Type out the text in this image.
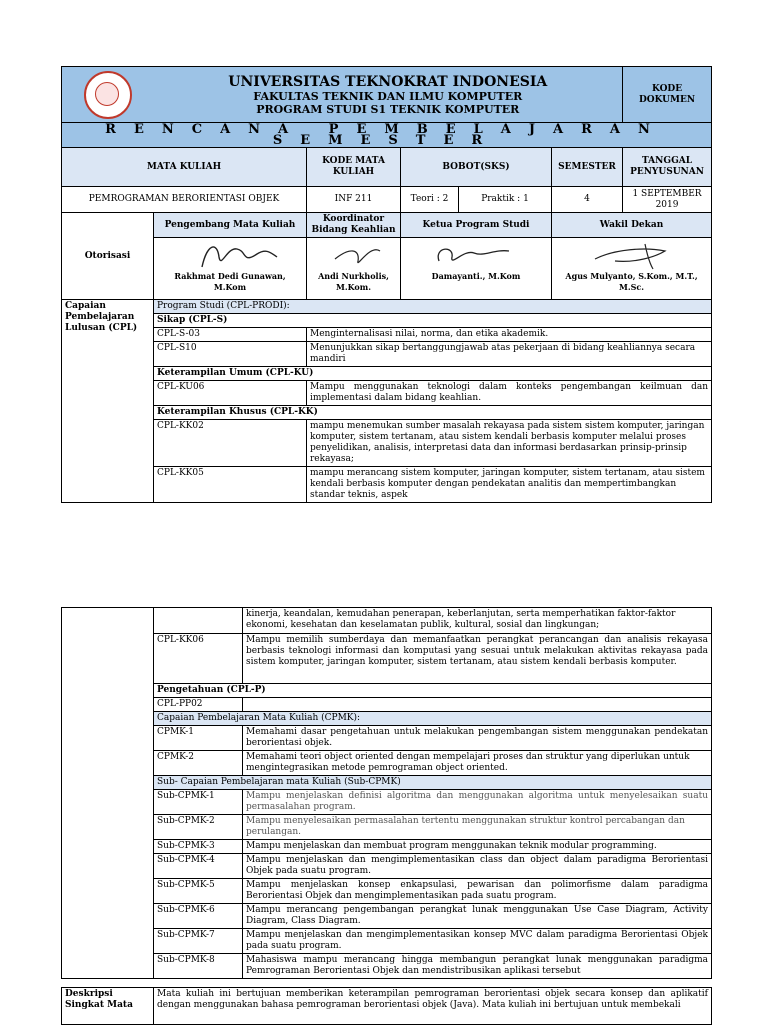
	UNIVERSITAS TEKNOKRAT INDONESIA
FAKULTAS TEKNIK DAN ILMU KOMPUTER
PROGRAM STUDI S1 TEKNIK KOMPUTER					KODE DOKUMEN
RENCANA PEMBELAJARAN SEMESTER						
MATA KULIAH		KODE MATA KULIAH	BOBOT(SKS)		SEMESTER	TANGGAL PENYUSUNAN
PEMROGRAMAN BERORIENTASI OBJEK		INF 211	Teori : 2	Praktik : 1	4	1 SEPTEMBER 2019
Otorisasi	Pengembang Mata Kuliah	Koordinator Bidang Keahlian	Ketua Program Studi		Wakil Dekan	

	Rakhmat Dedi Gunawan, M.Kom	Andi Nurkholis, M.Kom.	Damayanti., M.Kom		Agus Mulyanto, S.Kom., M.T., M.Sc.	

Capaian Pembelajaran Lulusan (CPL)	Program Studi (CPL-PRODI):					
	Sikap (CPL-S)					
	CPL-S-03	Menginternalisasi nilai, norma, dan etika akademik.				
	CPL-S10	Menunjukkan sikap bertanggungjawab atas pekerjaan di bidang keahliannya secara mandiri				
	Keterampilan Umum (CPL-KU)					
	CPL-KU06	Mampu menggunakan teknologi dalam konteks pengembangan keilmuan dan implementasi dalam bidang keahlian.				
	Keterampilan Khusus (CPL-KK)					
	CPL-KK02	mampu menemukan sumber masalah rekayasa pada sistem sistem komputer, jaringan komputer, sistem tertanam, atau sistem kendali berbasis komputer melalui proses penyelidikan, analisis, interpretasi data dan informasi berdasarkan prinsip-prinsip rekayasa;				
	CPL-KK05	mampu merancang sistem komputer, jaringan komputer, sistem tertanam, atau sistem kendali berbasis komputer dengan pendekatan analitis dan mempertimbangkan standar teknis, aspek				
		kinerja, keandalan, kemudahan penerapan, keberlanjutan, serta memperhatikan faktor-faktor ekonomi, kesehatan dan keselamatan publik, kultural, sosial dan lingkungan;
	CPL-KK06	Mampu memilih sumberdaya dan memanfaatkan perangkat perancangan dan analisis rekayasa berbasis teknologi informasi dan komputasi yang sesuai untuk melakukan aktivitas rekayasa pada sistem komputer, jaringan komputer, sistem tertanam, atau sistem kendali berbasis komputer.
	Pengetahuan (CPL-P)	
	CPL-PP02	
	Capaian Pembelajaran Mata Kuliah (CPMK):	
	CPMK-1	Memahami dasar pengetahuan untuk melakukan pengembangan sistem menggunakan pendekatan berorientasi objek.
	CPMK-2	Memahami teori object oriented dengan mempelajari proses dan struktur yang diperlukan untuk mengintegrasikan metode pemrograman object oriented.
	Sub- Capaian Pembelajaran mata Kuliah (Sub-CPMK)	
	Sub-CPMK-1	Mampu menjelaskan definisi algoritma dan menggunakan algoritma untuk menyelesaikan suatu permasalahan program.
	Sub-CPMK-2	Mampu menyelesaikan permasalahan tertentu menggunakan struktur kontrol percabangan dan perulangan.
	Sub-CPMK-3	Mampu menjelaskan dan membuat program menggunakan teknik modular programming.
	Sub-CPMK-4	Mampu menjelaskan dan mengimplementasikan class dan object dalam paradigma Berorientasi Objek pada suatu program.
	Sub-CPMK-5	Mampu menjelaskan konsep enkapsulasi, pewarisan dan polimorfisme dalam paradigma Berorientasi Objek dan mengimplementasikan pada suatu program.
	Sub-CPMK-6	Mampu merancang pengembangan perangkat lunak menggunakan Use Case Diagram, Activity Diagram, Class Diagram.
	Sub-CPMK-7	Mampu menjelaskan dan mengimplementasikan konsep MVC dalam paradigma Berorientasi Objek pada suatu program.
	Sub-CPMK-8	Mahasiswa mampu merancang hingga membangun perangkat lunak menggunakan paradigma Pemrograman Berorientasi Objek dan mendistribusikan aplikasi tersebut
Deskripsi Singkat Mata	Mata kuliah ini bertujuan memberikan keterampilan pemrograman berorientasi objek secara konsep dan aplikatif dengan menggunakan bahasa pemrograman berorientasi objek (Java). Mata kuliah ini bertujuan untuk membekali
